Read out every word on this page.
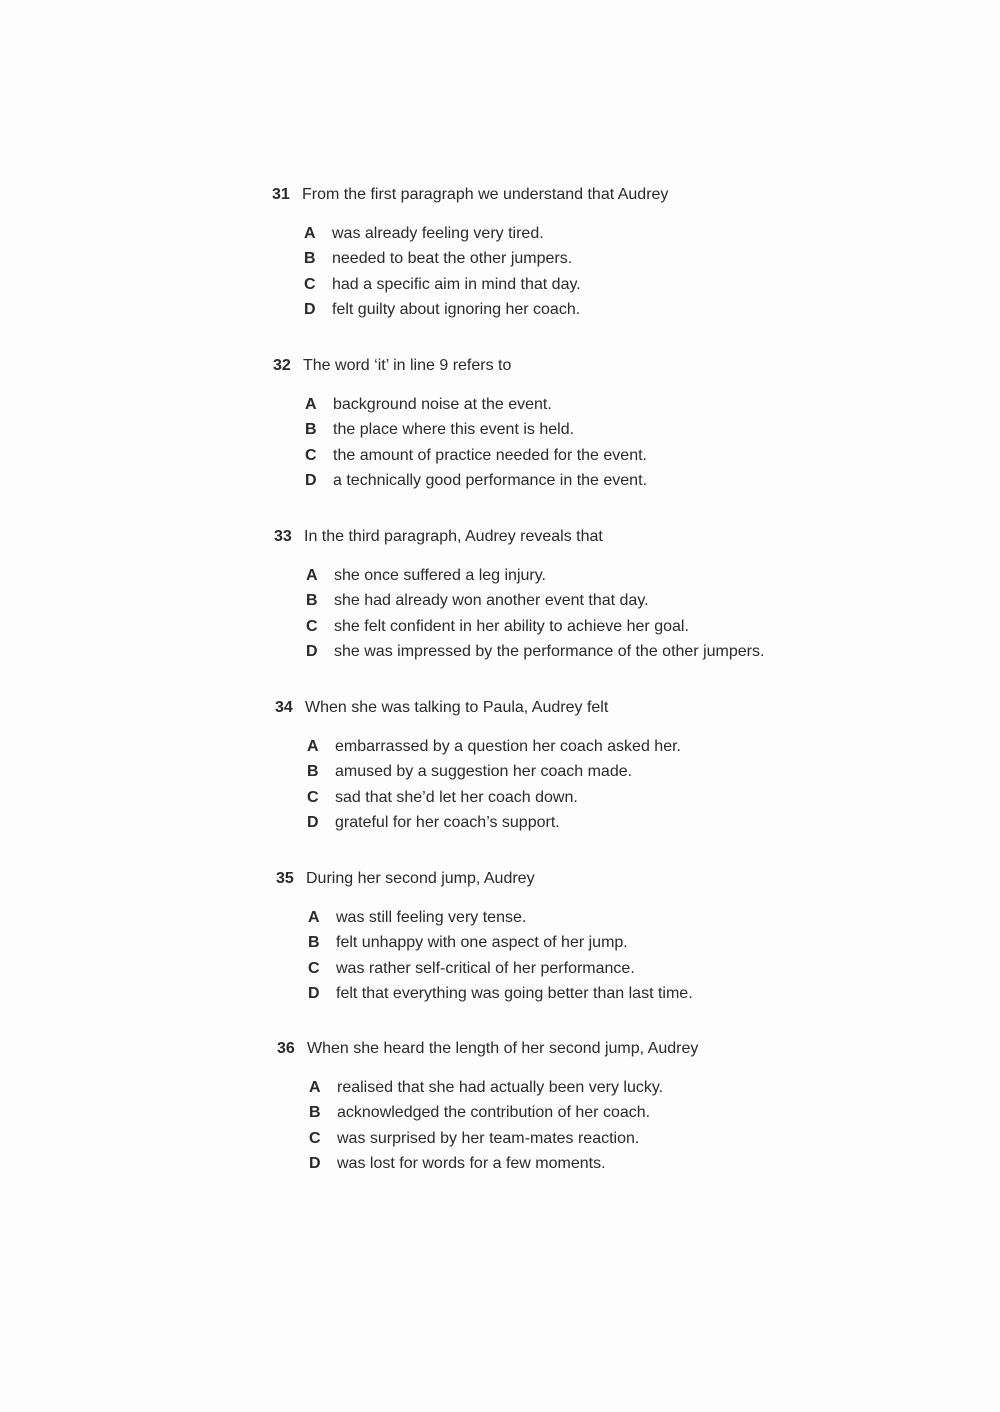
31 From the first paragraph we understand that Audrey
A was already feeling very tired.
B needed to beat the other jumpers.
C had a specific aim in mind that day.
D felt guilty about ignoring her coach.
32 The word ‘it’ in line 9 refers to
A background noise at the event.
B the place where this event is held.
C the amount of practice needed for the event.
D a technically good performance in the event.
33 In the third paragraph, Audrey reveals that
A she once suffered a leg injury.
B she had already won another event that day.
C she felt confident in her ability to achieve her goal.
D she was impressed by the performance of the other jumpers.
34 When she was talking to Paula, Audrey felt
A embarrassed by a question her coach asked her.
B amused by a suggestion her coach made.
C sad that she’d let her coach down.
D grateful for her coach’s support.
35 During her second jump, Audrey
A was still feeling very tense.
B felt unhappy with one aspect of her jump.
C was rather self-critical of her performance.
D felt that everything was going better than last time.
36 When she heard the length of her second jump, Audrey
A realised that she had actually been very lucky.
B acknowledged the contribution of her coach.
C was surprised by her team-mates reaction.
D was lost for words for a few moments.
